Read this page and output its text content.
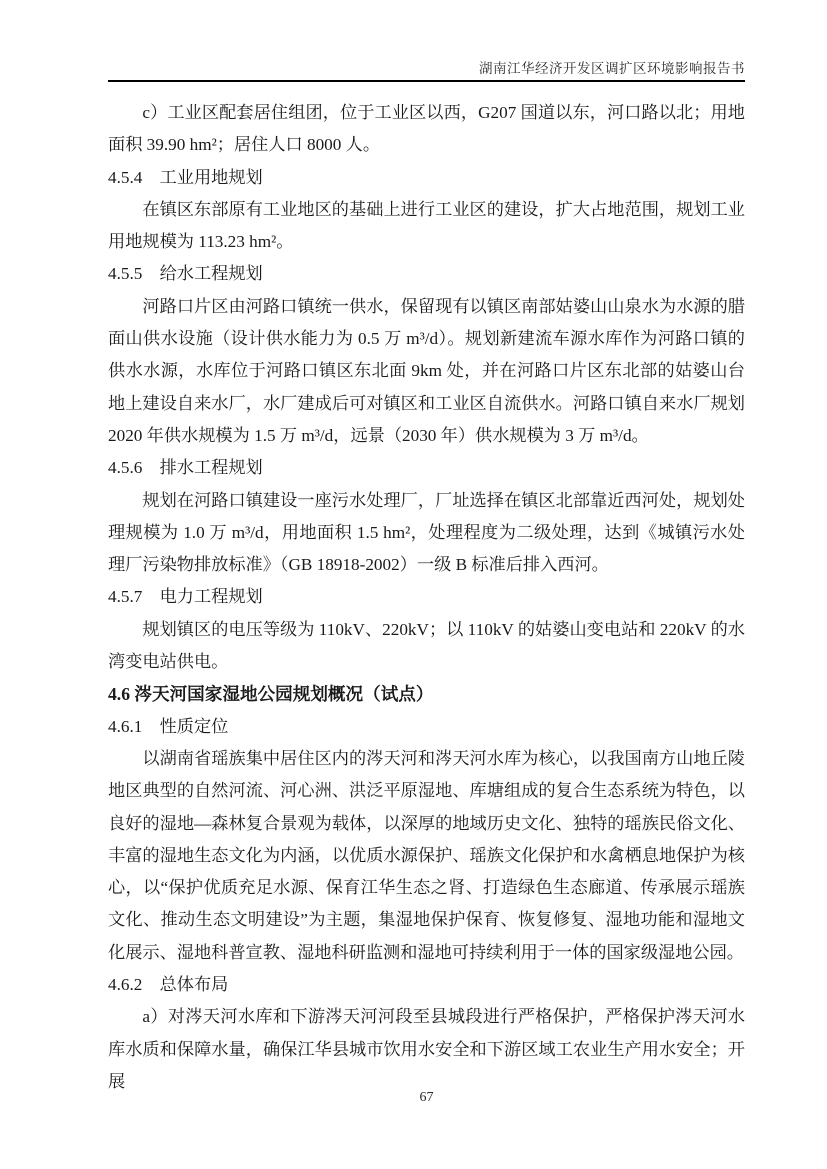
湖南江华经济开发区调扩区环境影响报告书

c）工业区配套居住组团，位于工业区以西，G207 国道以东，河口路以北；用地面积 39.90 hm²；居住人口 8000 人。

4.5.4　工业用地规划

在镇区东部原有工业地区的基础上进行工业区的建设，扩大占地范围，规划工业用地规模为 113.23 hm²。

4.5.5　给水工程规划

河路口片区由河路口镇统一供水，保留现有以镇区南部姑婆山山泉水为水源的腊面山供水设施（设计供水能力为 0.5 万 m³/d）。规划新建流车源水库作为河路口镇的供水水源，水库位于河路口镇区东北面 9km 处，并在河路口片区东北部的姑婆山台地上建设自来水厂，水厂建成后可对镇区和工业区自流供水。河路口镇自来水厂规划 2020 年供水规模为 1.5 万 m³/d，远景（2030 年）供水规模为 3 万 m³/d。

4.5.6　排水工程规划

规划在河路口镇建设一座污水处理厂，厂址选择在镇区北部靠近西河处，规划处理规模为 1.0 万 m³/d，用地面积 1.5 hm²，处理程度为二级处理，达到《城镇污水处理厂污染物排放标准》（GB 18918-2002）一级 B 标准后排入西河。

4.5.7　电力工程规划

规划镇区的电压等级为 110kV、220kV；以 110kV 的姑婆山变电站和 220kV 的水湾变电站供电。

4.6 涔天河国家湿地公园规划概况（试点）
4.6.1　性质定位

以湖南省瑶族集中居住区内的涔天河和涔天河水库为核心，以我国南方山地丘陵地区典型的自然河流、河心洲、洪泛平原湿地、库塘组成的复合生态系统为特色，以良好的湿地—森林复合景观为载体，以深厚的地域历史文化、独特的瑶族民俗文化、丰富的湿地生态文化为内涵，以优质水源保护、瑶族文化保护和水禽栖息地保护为核心，以“保护优质充足水源、保育江华生态之肾、打造绿色生态廊道、传承展示瑶族文化、推动生态文明建设”为主题，集湿地保护保育、恢复修复、湿地功能和湿地文化展示、湿地科普宣教、湿地科研监测和湿地可持续利用于一体的国家级湿地公园。

4.6.2　总体布局

a）对涔天河水库和下游涔天河河段至县城段进行严格保护，严格保护涔天河水库水质和保障水量，确保江华县城市饮用水安全和下游区域工农业生产用水安全；开展

67
